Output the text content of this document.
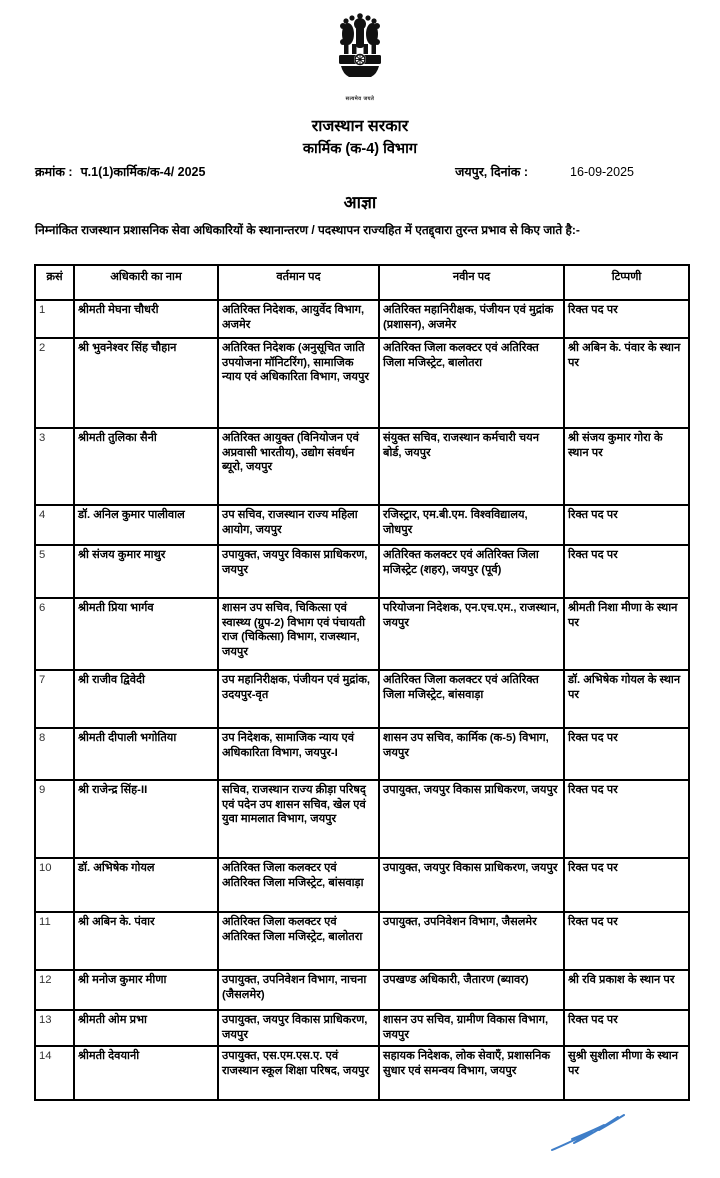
सत्यमेव जयते
राजस्थान सरकार
कार्मिक (क-4) विभाग
क्रमांक : प.1(1)कार्मिक/क-4/ 2025	जयपुर, दिनांक :	16-09-2025
आज्ञा
निम्नांकित राजस्थान प्रशासनिक सेवा अधिकारियों के स्थानान्तरण / पदस्थापन राज्यहित में एतद्द्वारा तुरन्त प्रभाव से किए जाते है:-
क्रसं	अधिकारी का नाम	वर्तमान पद	नवीन पद	टिप्पणी
1	श्रीमती मेघना चौधरी	अतिरिक्त निदेशक, आयुर्वेद विभाग, अजमेर	अतिरिक्त महानिरीक्षक, पंजीयन एवं मुद्रांक (प्रशासन), अजमेर	रिक्त पद पर
2	श्री भुवनेश्वर सिंह चौहान	अतिरिक्त निदेशक (अनुसूचित जाति उपयोजना मॉनिटरिंग), सामाजिक न्याय एवं अधिकारिता विभाग, जयपुर	अतिरिक्त जिला कलक्टर एवं अतिरिक्त जिला मजिस्ट्रेट, बालोतरा	श्री अबिन के. पंवार के स्थान पर
3	श्रीमती तुलिका सैनी	अतिरिक्त आयुक्त (विनियोजन एवं अप्रवासी भारतीय), उद्योग संवर्धन ब्यूरो, जयपुर	संयुक्त सचिव, राजस्थान कर्मचारी चयन बोर्ड, जयपुर	श्री संजय कुमार गोरा के स्थान पर
4	डॉ. अनिल कुमार पालीवाल	उप सचिव, राजस्थान राज्य महिला आयोग, जयपुर	रजिस्ट्रार, एम.बी.एम. विश्वविद्यालय, जोधपुर	रिक्त पद पर
5	श्री संजय कुमार माथुर	उपायुक्त, जयपुर विकास प्राधिकरण, जयपुर	अतिरिक्त कलक्टर एवं अतिरिक्त जिला मजिस्ट्रेट (शहर), जयपुर (पूर्व)	रिक्त पद पर
6	श्रीमती प्रिया भार्गव	शासन उप सचिव, चिकित्सा एवं स्वास्थ्य (ग्रुप-2) विभाग एवं पंचायती राज (चिकित्सा) विभाग, राजस्थान, जयपुर	परियोजना निदेशक, एन.एच.एम., राजस्थान, जयपुर	श्रीमती निशा मीणा के स्थान पर
7	श्री राजीव द्विवेदी	उप महानिरीक्षक, पंजीयन एवं मुद्रांक, उदयपुर-वृत	अतिरिक्त जिला कलक्टर एवं अतिरिक्त जिला मजिस्ट्रेट, बांसवाड़ा	डॉ. अभिषेक गोयल के स्थान पर
8	श्रीमती दीपाली भगोतिया	उप निदेशक, सामाजिक न्याय एवं अधिकारिता विभाग, जयपुर-I	शासन उप सचिव, कार्मिक (क-5) विभाग, जयपुर	रिक्त पद पर
9	श्री राजेन्द्र सिंह-II	सचिव, राजस्थान राज्य क्रीड़ा परिषद् एवं पदेन उप शासन सचिव, खेल एवं युवा मामलात विभाग, जयपुर	उपायुक्त, जयपुर विकास प्राधिकरण, जयपुर	रिक्त पद पर
10	डॉ. अभिषेक गोयल	अतिरिक्त जिला कलक्टर एवं अतिरिक्त जिला मजिस्ट्रेट, बांसवाड़ा	उपायुक्त, जयपुर विकास प्राधिकरण, जयपुर	रिक्त पद पर
11	श्री अबिन के. पंवार	अतिरिक्त जिला कलक्टर एवं अतिरिक्त जिला मजिस्ट्रेट, बालोतरा	उपायुक्त, उपनिवेशन विभाग, जैसलमेर	रिक्त पद पर
12	श्री मनोज कुमार मीणा	उपायुक्त, उपनिवेशन विभाग, नाचना (जैसलमेर)	उपखण्ड अधिकारी, जैतारण (ब्यावर)	श्री रवि प्रकाश के स्थान पर
13	श्रीमती ओम प्रभा	उपायुक्त, जयपुर विकास प्राधिकरण, जयपुर	शासन उप सचिव, ग्रामीण विकास विभाग, जयपुर	रिक्त पद पर
14	श्रीमती देवयानी	उपायुक्त, एस.एम.एस.ए. एवं राजस्थान स्कूल शिक्षा परिषद, जयपुर	सहायक निदेशक, लोक सेवाएँ, प्रशासनिक सुधार एवं समन्वय विभाग, जयपुर	सुश्री सुशीला मीणा के स्थान पर
